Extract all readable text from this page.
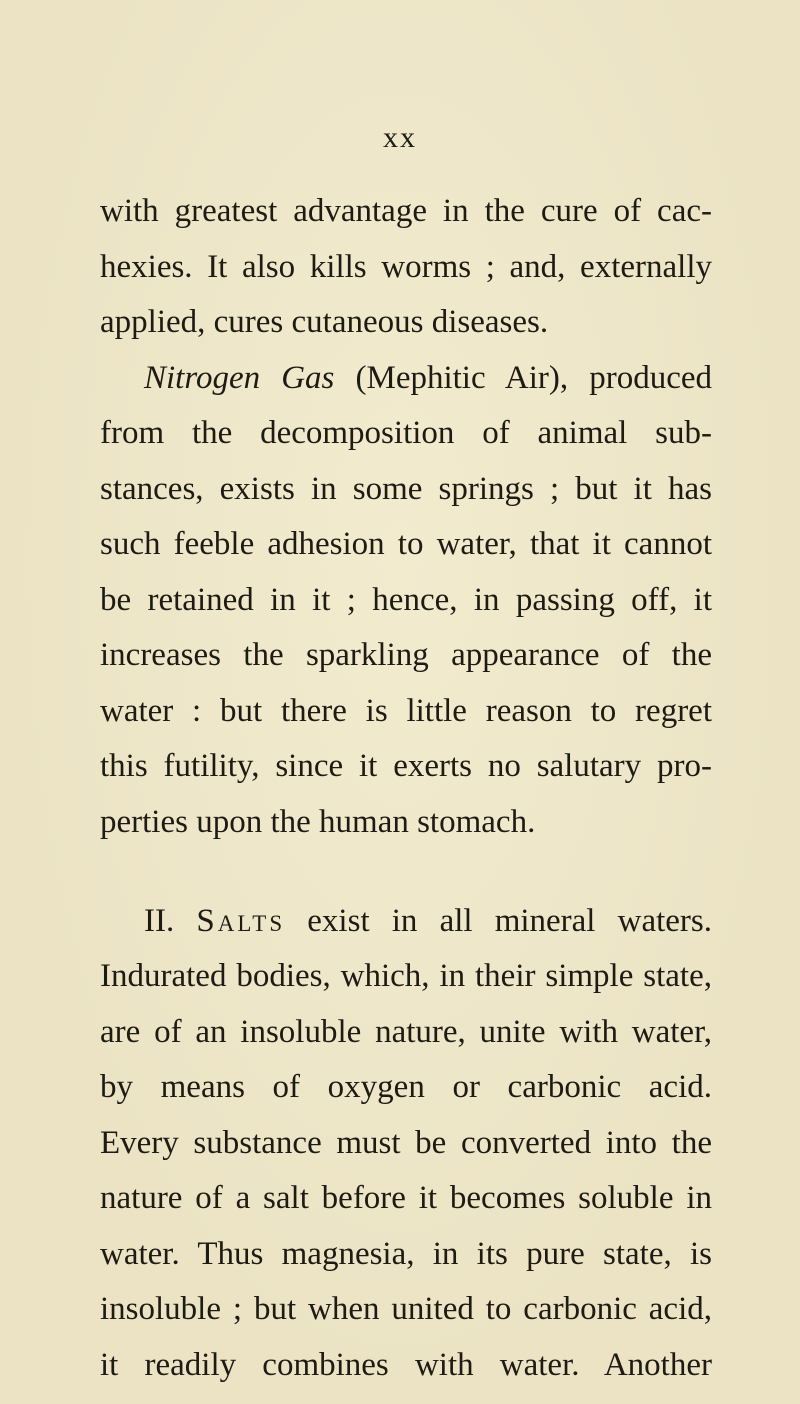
xx
with greatest advantage in the cure of cac-
hexies. It also kills worms ; and, externally
applied, cures cutaneous diseases.
Nitrogen Gas (Mephitic Air), produced
from the decomposition of animal sub-
stances, exists in some springs ; but it has
such feeble adhesion to water, that it cannot
be retained in it ; hence, in passing off, it
increases the sparkling appearance of the
water : but there is little reason to regret
this futility, since it exerts no salutary pro-
perties upon the human stomach.
II. Salts exist in all mineral waters.
Indurated bodies, which, in their simple state,
are of an insoluble nature, unite with water,
by means of oxygen or carbonic acid.
Every substance must be converted into the
nature of a salt before it becomes soluble in
water. Thus magnesia, in its pure state, is
insoluble ; but when united to carbonic acid,
it readily combines with water. Another
